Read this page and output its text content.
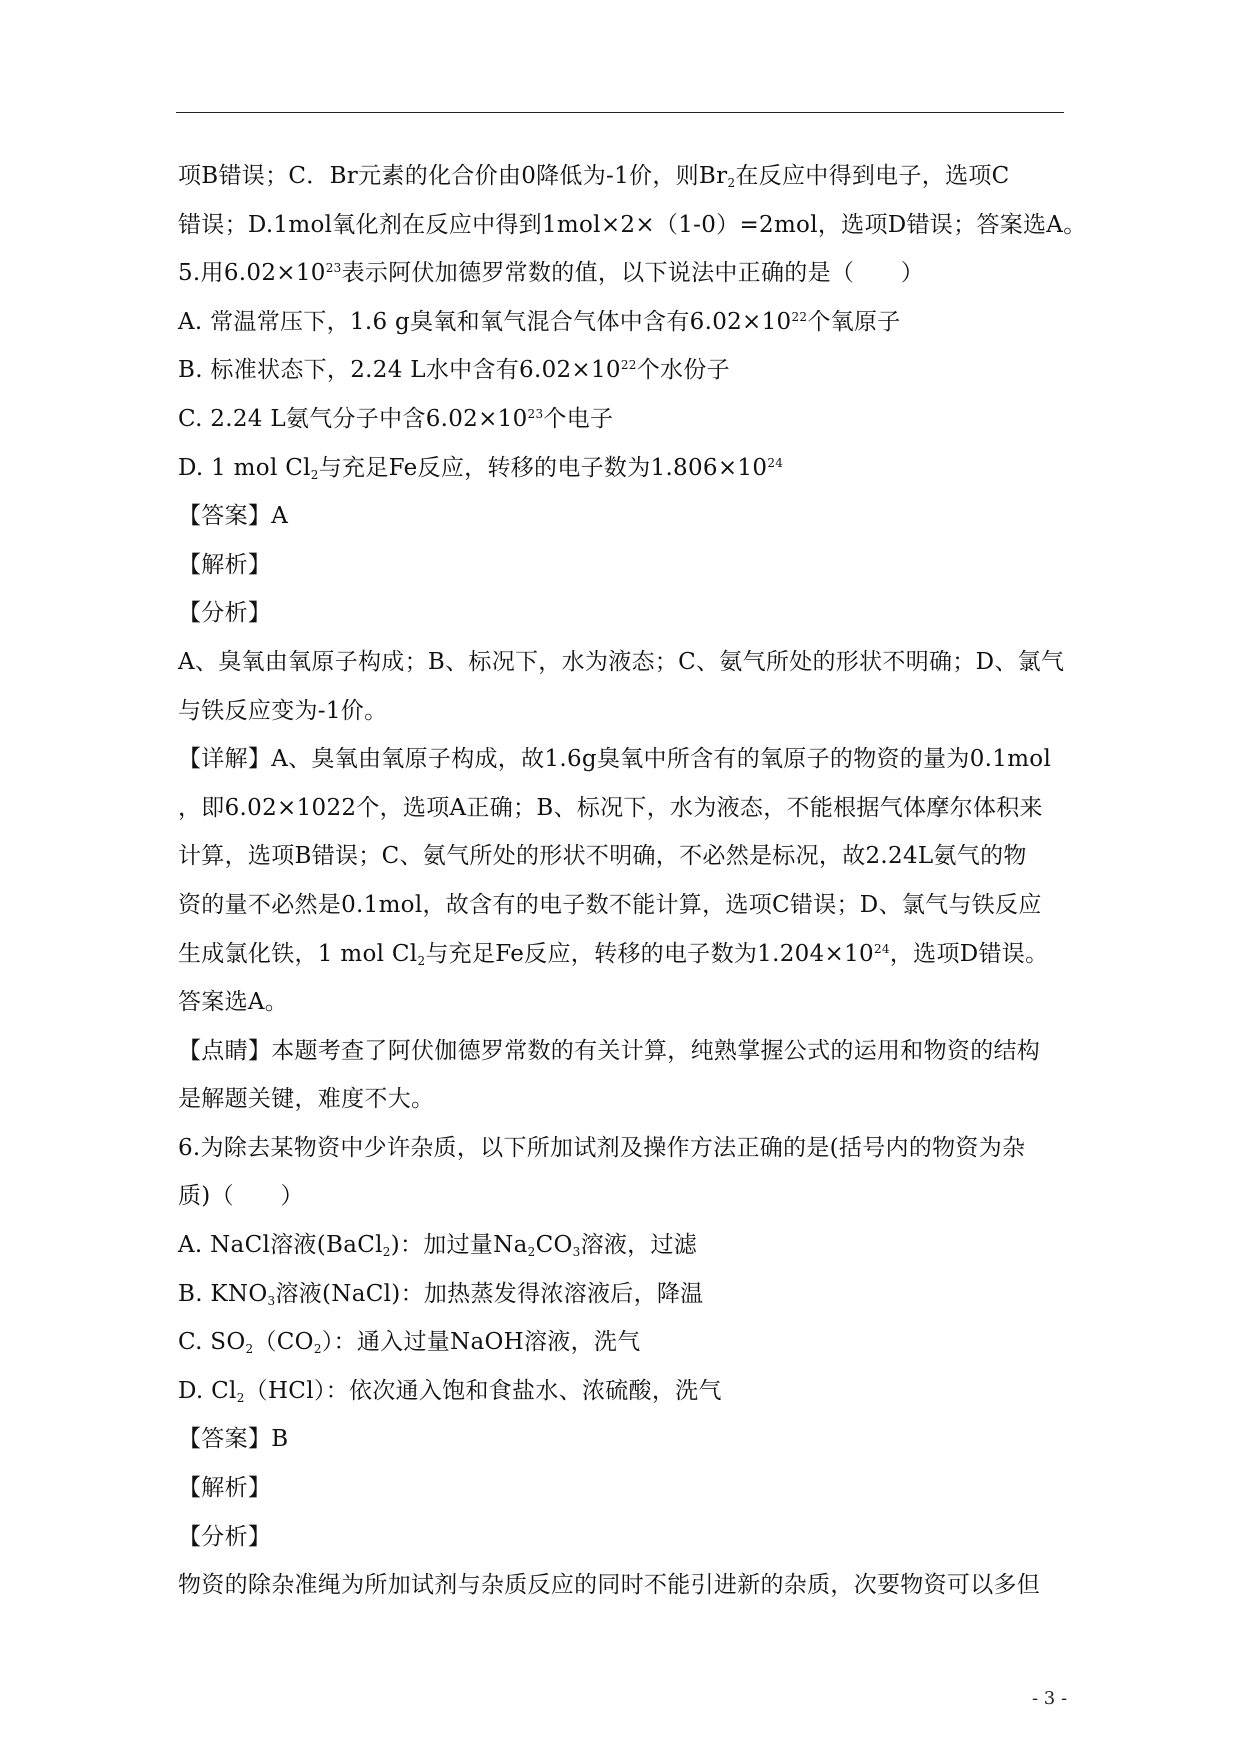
项B错误；C．Br元素的化合价由0降低为-1价，则$Br_2$在反应中得到电子，选项C
错误；D.1mol氧化剂在反应中得到1mol×2×（1-0）=2mol，选项D错误；答案选A。
5.用$6.02\times 10^{23}$表示阿伏加德罗常数的值，以下说法中正确的是（　　）
A. 常温常压下，1.6 g臭氧和氧气混合气体中含有$6.02\times 10^{22}$个氧原子
B. 标准状态下，2.24 L水中含有$6.02\times 10^{22}$个水份子
C. 2.24 L氨气分子中含$6.02\times 10^{23}$个电子
D. 1 mol $Cl_2$与充足Fe反应，转移的电子数为$1.806\times 10^{24}$
【答案】A
【解析】
【分析】
A、臭氧由氧原子构成；B、标况下，水为液态；C、氨气所处的形状不明确；D、氯气
与铁反应变为-1价。
【详解】A、臭氧由氧原子构成，故1.6g臭氧中所含有的氧原子的物资的量为0.1mol
，即6.02×1022个，选项A正确；B、标况下，水为液态，不能根据气体摩尔体积来
计算，选项B错误；C、氨气所处的形状不明确，不必然是标况，故2.24L氨气的物
资的量不必然是0.1mol，故含有的电子数不能计算，选项C错误；D、氯气与铁反应
生成氯化铁，1 mol $Cl_2$与充足Fe反应，转移的电子数为$1.204\times 10^{24}$，选项D错误。
答案选A。
【点睛】本题考查了阿伏伽德罗常数的有关计算，纯熟掌握公式的运用和物资的结构
是解题关键，难度不大。
6.为除去某物资中少许杂质，以下所加试剂及操作方法正确的是(括号内的物资为杂
质)（　　）
A. NaCl溶液(BaCl$_2$)：加过量$Na_2CO_3$溶液，过滤
B. $KNO_3$溶液(NaCl)：加热蒸发得浓溶液后，降温
C. $SO_2(CO_2)$：通入过量NaOH溶液，洗气
D. $Cl_2(HCl)$：依次通入饱和食盐水、浓硫酸，洗气
【答案】B
【解析】
【分析】
物资的除杂准绳为所加试剂与杂质反应的同时不能引进新的杂质，次要物资可以多但
- 3 -
